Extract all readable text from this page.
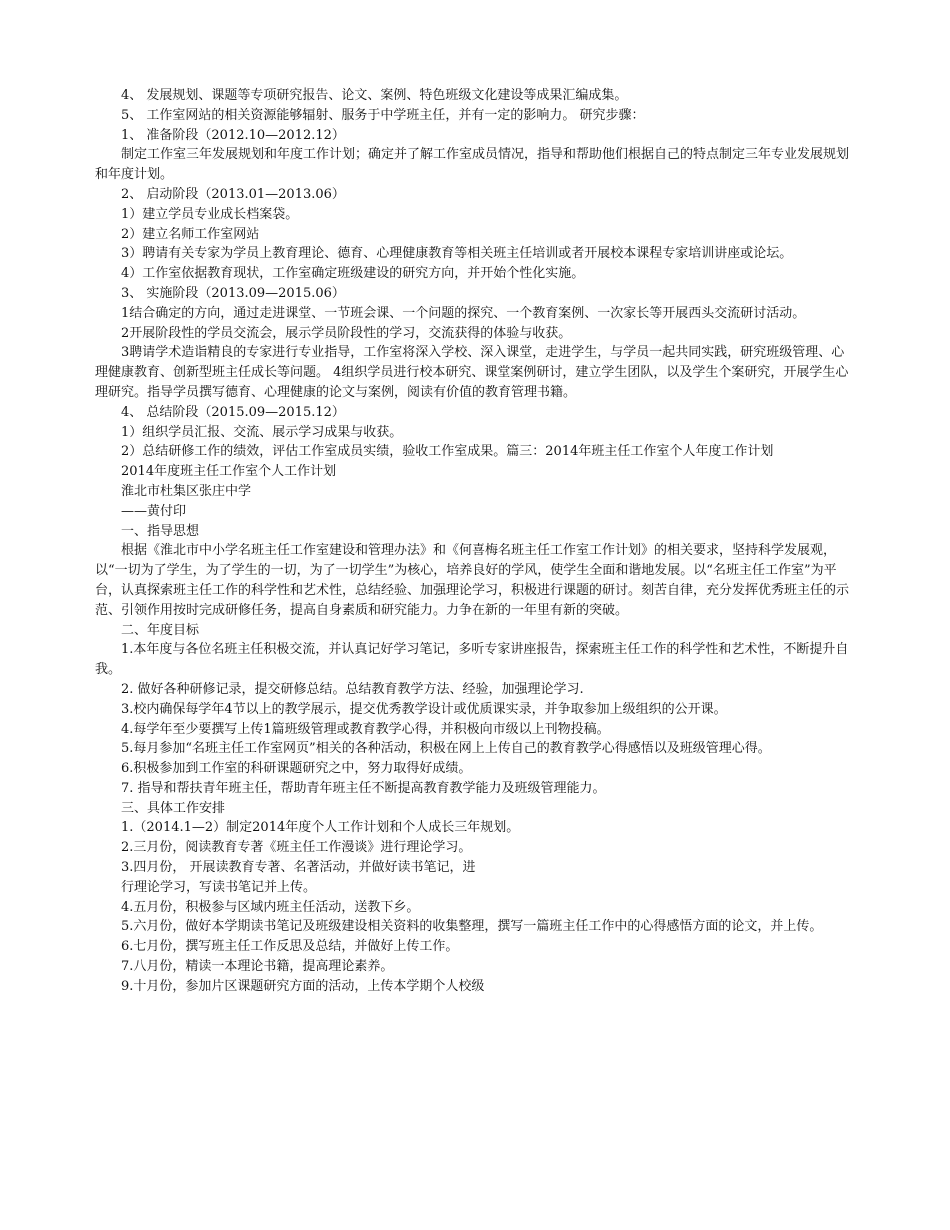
4、 发展规划、课题等专项研究报告、论文、案例、特色班级文化建设等成果汇编成集。

5、 工作室网站的相关资源能够辐射、服务于中学班主任，并有一定的影响力。 研究步骤：

1、 准备阶段（2012.10—2012.12）

制定工作室三年发展规划和年度工作计划；确定并了解工作室成员情况，指导和帮助他们根据自己的特点制定三年专业发展规划和年度计划。

2、 启动阶段（2013.01—2013.06）

1）建立学员专业成长档案袋。

2）建立名师工作室网站

3）聘请有关专家为学员上教育理论、德育、心理健康教育等相关班主任培训或者开展校本课程专家培训讲座或论坛。

4）工作室依据教育现状，工作室确定班级建设的研究方向，并开始个性化实施。

3、 实施阶段（2013.09—2015.06）

1结合确定的方向，通过走进课堂、一节班会课、一个问题的探究、一个教育案例、一次家长等开展西头交流研讨活动。

2开展阶段性的学员交流会，展示学员阶段性的学习，交流获得的体验与收获。

3聘请学术造诣精良的专家进行专业指导，工作室将深入学校、深入课堂，走进学生，与学员一起共同实践，研究班级管理、心理健康教育、创新型班主任成长等问题。 4组织学员进行校本研究、课堂案例研讨，建立学生团队，以及学生个案研究，开展学生心理研究。指导学员撰写德育、心理健康的论文与案例，阅读有价值的教育管理书籍。

4、 总结阶段（2015.09—2015.12）

1）组织学员汇报、交流、展示学习成果与收获。

2）总结研修工作的绩效，评估工作室成员实绩，验收工作室成果。篇三：2014年班主任工作室个人年度工作计划

2014年度班主任工作室个人工作计划

淮北市杜集区张庄中学

——黄付印

一、指导思想

根据《淮北市中小学名班主任工作室建设和管理办法》和《何喜梅名班主任工作室工作计划》的相关要求，坚持科学发展观，以“一切为了学生，为了学生的一切，为了一切学生”为核心，培养良好的学风，使学生全面和谐地发展。以“名班主任工作室”为平台，认真探索班主任工作的科学性和艺术性，总结经验、加强理论学习，积极进行课题的研讨。刻苦自律，充分发挥优秀班主任的示范、引领作用按时完成研修任务，提高自身素质和研究能力。力争在新的一年里有新的突破。

二、年度目标

1.本年度与各位名班主任积极交流，并认真记好学习笔记，多听专家讲座报告，探索班主任工作的科学性和艺术性，不断提升自我。

2. 做好各种研修记录，提交研修总结。总结教育教学方法、经验，加强理论学习.

3.校内确保每学年4节以上的教学展示，提交优秀教学设计或优质课实录，并争取参加上级组织的公开课。

4.每学年至少要撰写上传1篇班级管理或教育教学心得，并积极向市级以上刊物投稿。

5.每月参加“名班主任工作室网页”相关的各种活动，积极在网上上传自己的教育教学心得感悟以及班级管理心得。

6.积极参加到工作室的科研课题研究之中，努力取得好成绩。

7. 指导和帮扶青年班主任，帮助青年班主任不断提高教育教学能力及班级管理能力。

三、具体工作安排

1.（2014.1—2）制定2014年度个人工作计划和个人成长三年规划。

2.三月份，阅读教育专著《班主任工作漫谈》进行理论学习。

3.四月份， 开展读教育专著、名著活动，并做好读书笔记，进

行理论学习，写读书笔记并上传。

4.五月份，积极参与区域内班主任活动，送教下乡。

5.六月份，做好本学期读书笔记及班级建设相关资料的收集整理，撰写一篇班主任工作中的心得感悟方面的论文，并上传。

6.七月份，撰写班主任工作反思及总结，并做好上传工作。

7.八月份，精读一本理论书籍，提高理论素养。

9.十月份，参加片区课题研究方面的活动，上传本学期个人校级
